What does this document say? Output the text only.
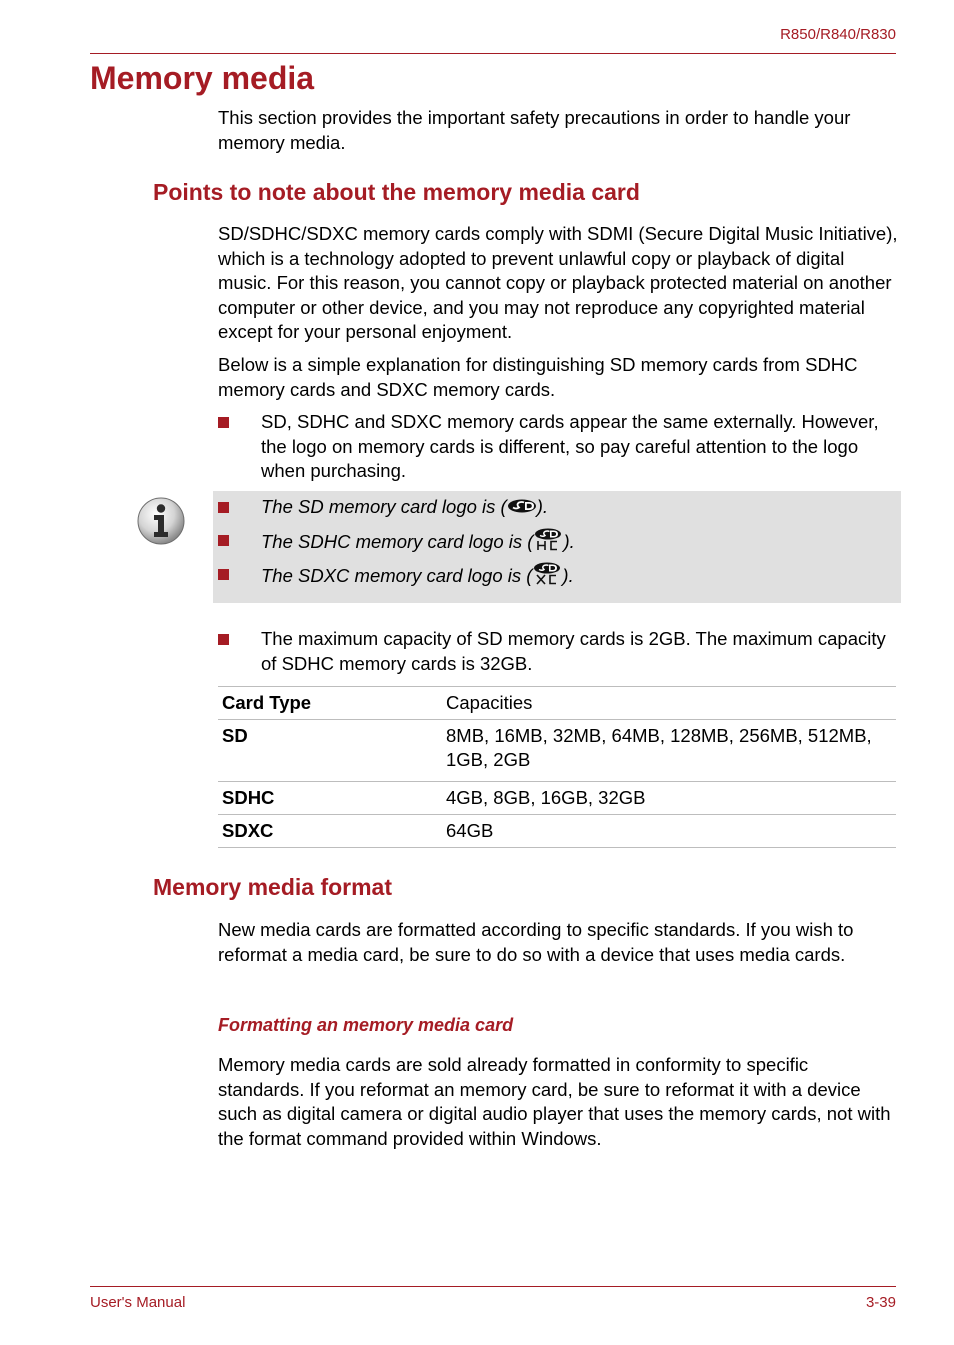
R850/R840/R830
Memory media
This section provides the important safety precautions in order to handle your memory media.
Points to note about the memory media card
SD/SDHC/SDXC memory cards comply with SDMI (Secure Digital Music Initiative), which is a technology adopted to prevent unlawful copy or playback of digital music. For this reason, you cannot copy or playback protected material on another computer or other device, and you may not reproduce any copyrighted material except for your personal enjoyment.
Below is a simple explanation for distinguishing SD memory cards from SDHC memory cards and SDXC memory cards.
SD, SDHC and SDXC memory cards appear the same externally. However, the logo on memory cards is different, so pay careful attention to the logo when purchasing.
The SD memory card logo is ( ).
The SDHC memory card logo is ( ).
The SDXC memory card logo is ( ).
The maximum capacity of SD memory cards is 2GB. The maximum capacity of SDHC memory cards is 32GB.
Card Type	Capacities
SD	8MB, 16MB, 32MB, 64MB, 128MB, 256MB, 512MB, 1GB, 2GB
SDHC	4GB, 8GB, 16GB, 32GB
SDXC	64GB
Memory media format
New media cards are formatted according to specific standards. If you wish to reformat a media card, be sure to do so with a device that uses media cards.
Formatting an memory media card
Memory media cards are sold already formatted in conformity to specific standards. If you reformat an memory card, be sure to reformat it with a device such as digital camera or digital audio player that uses the memory cards, not with the format command provided within Windows.
User's Manual	3-39
